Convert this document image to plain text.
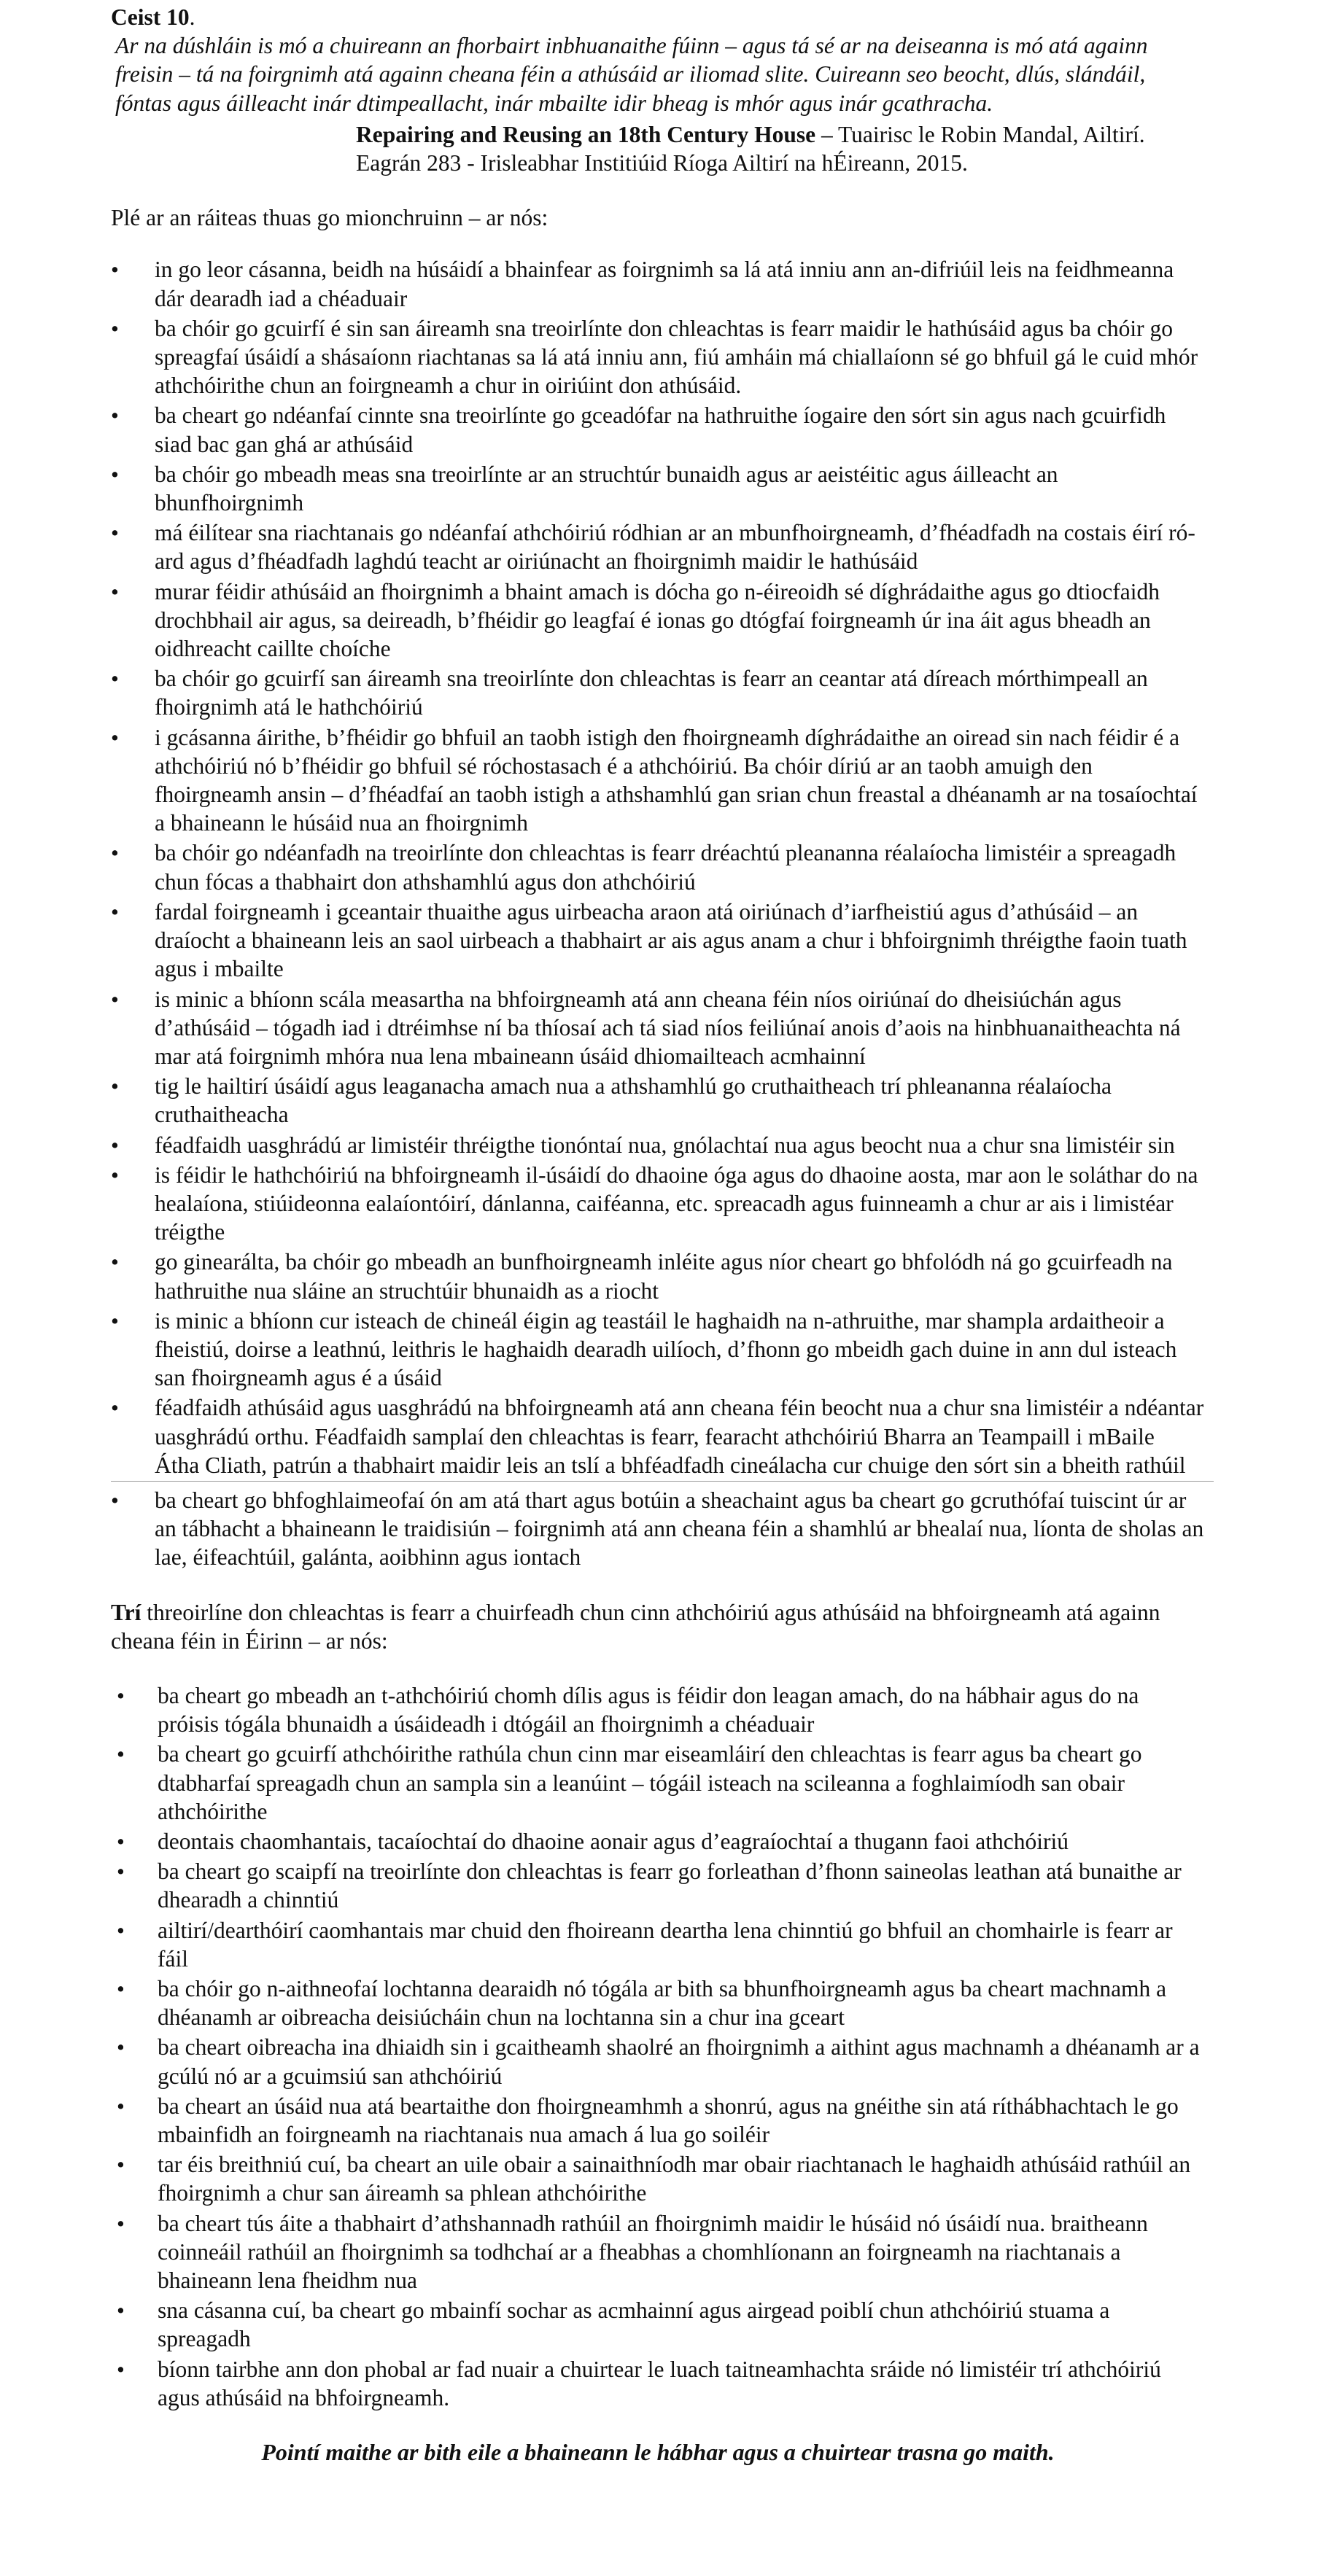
Ceist 10.

Ar na dúshláin is mó a chuireann an fhorbairt inbhuanaithe fúinn – agus tá sé ar na deiseanna is mó atá againn freisin – tá na foirgnimh atá againn cheana féin a athúsáid ar iliomad slite. Cuireann seo beocht, dlús, slándáil, fóntas agus áilleacht inár dtimpeallacht, inár mbailte idir bheag is mhór agus inár gcathracha.

Repairing and Reusing an 18th Century House – Tuairisc le Robin Mandal, Ailtirí.
Eagrán 283 - Irisleabhar Institiúid Ríoga Ailtirí na hÉireann, 2015.
Plé ar an ráiteas thuas go mionchruinn – ar nós:
• in go leor cásanna, beidh na húsáidí a bhainfear as foirgnimh sa lá atá inniu ann an-difriúil leis na feidhmeanna dár dearadh iad a chéaduair
• ba chóir go gcuirfí é sin san áireamh sna treoirlínte don chleachtas is fearr maidir le hathúsáid agus ba chóir go spreagfaí úsáidí a shásaíonn riachtanas sa lá atá inniu ann, fiú amháin má chiallaíonn sé go bhfuil gá le cuid mhór athchóirithe chun an foirgneamh a chur in oiriúint don athúsáid.
• ba cheart go ndéanfaí cinnte sna treoirlínte go gceadófar na hathruithe íogaire den sórt sin agus nach gcuirfidh siad bac gan ghá ar athúsáid
• ba chóir go mbeadh meas sna treoirlínte ar an struchtúr bunaidh agus ar aeistéitic agus áilleacht an bhunfhoirgnimh
• má éilítear sna riachtanais go ndéanfaí athchóiriú ródhian ar an mbunfhoirgneamh, d’fhéadfadh na costais éirí ró-ard agus d’fhéadfadh laghdú teacht ar oiriúnacht an fhoirgnimh maidir le hathúsáid
• murar féidir athúsáid an fhoirgnimh a bhaint amach is dócha go n-éireoidh sé díghrádaithe agus go dtiocfaidh drochbhail air agus, sa deireadh, b’fhéidir go leagfaí é ionas go dtógfaí foirgneamh úr ina áit agus bheadh an oidhreacht caillte choíche
• ba chóir go gcuirfí san áireamh sna treoirlínte don chleachtas is fearr an ceantar atá díreach mórthimpeall an fhoirgnimh atá le hathchóiriú
• i gcásanna áirithe, b’fhéidir go bhfuil an taobh istigh den fhoirgneamh díghrádaithe an oiread sin nach féidir é a athchóiriú nó b’fhéidir go bhfuil sé róchostasach é a athchóiriú. Ba chóir díriú ar an taobh amuigh den fhoirgneamh ansin – d’fhéadfaí an taobh istigh a athshamhlú gan srian chun freastal a dhéanamh ar na tosaíochtaí a bhaineann le húsáid nua an fhoirgnimh
• ba chóir go ndéanfadh na treoirlínte don chleachtas is fearr dréachtú pleananna réalaíocha limistéir a spreagadh chun fócas a thabhairt don athshamhlú agus don athchóiriú
• fardal foirgneamh i gceantair thuaithe agus uirbeacha araon atá oiriúnach d’iarfheistiú agus d’athúsáid – an draíocht a bhaineann leis an saol uirbeach a thabhairt ar ais agus anam a chur i bhfoirgnimh thréigthe faoin tuath agus i mbailte
• is minic a bhíonn scála measartha na bhfoirgneamh atá ann cheana féin níos oiriúnaí do dheisiúchán agus d’athúsáid – tógadh iad i dtréimhse ní ba thíosaí ach tá siad níos feiliúnaí anois d’aois na hinbhuanaitheachta ná mar atá foirgnimh mhóra nua lena mbaineann úsáid dhiomailteach acmhainní
• tig le hailtirí úsáidí agus leaganacha amach nua a athshamhlú go cruthaitheach trí phleananna réalaíocha cruthaitheacha
• féadfaidh uasghrádú ar limistéir thréigthe tionóntaí nua, gnólachtaí nua agus beocht nua a chur sna limistéir sin
• is féidir le hathchóiriú na bhfoirgneamh il-úsáidí do dhaoine óga agus do dhaoine aosta, mar aon le soláthar do na healaíona, stiúideonna ealaíontóirí, dánlanna, caiféanna, etc. spreacadh agus fuinneamh a chur ar ais i limistéar tréigthe
• go ginearálta, ba chóir go mbeadh an bunfhoirgneamh inléite agus níor cheart go bhfolódh ná go gcuirfeadh na hathruithe nua sláine an struchtúir bhunaidh as a riocht
• is minic a bhíonn cur isteach de chineál éigin ag teastáil le haghaidh na n-athruithe, mar shampla ardaitheoir a fheistiú, doirse a leathnú, leithris le haghaidh dearadh uilíoch, d’fhonn go mbeidh gach duine in ann dul isteach san fhoirgneamh agus é a úsáid
• féadfaidh athúsáid agus uasghrádú na bhfoirgneamh atá ann cheana féin beocht nua a chur sna limistéir a ndéantar uasghrádú orthu. Féadfaidh samplaí den chleachtas is fearr, fearacht athchóiriú Bharra an Teampaill i mBaile Átha Cliath, patrún a thabhairt maidir leis an tslí a bhféadfadh cineálacha cur chuige den sórt sin a bheith rathúil
• ba cheart go bhfoghlaimeofaí ón am atá thart agus botúin a sheachaint agus ba cheart go gcruthófaí tuiscint úr ar an tábhacht a bhaineann le traidisiún – foirgnimh atá ann cheana féin a shamhlú ar bhealaí nua, líonta de sholas an lae, éifeachtúil, galánta, aoibhinn agus iontach
Trí threoirlíne don chleachtas is fearr a chuirfeadh chun cinn athchóiriú agus athúsáid na bhfoirgneamh atá againn cheana féin in Éirinn – ar nós:
• ba cheart go mbeadh an t-athchóiriú chomh dílis agus is féidir don leagan amach, do na hábhair agus do na próisis tógála bhunaidh a úsáideadh i dtógáil an fhoirgnimh a chéaduair
• ba cheart go gcuirfí athchóirithe rathúla chun cinn mar eiseamláirí den chleachtas is fearr agus ba cheart go dtabharfaí spreagadh chun an sampla sin a leanúint – tógáil isteach na scileanna a foghlaimíodh san obair athchóirithe
• deontais chaomhantais, tacaíochtaí do dhaoine aonair agus d’eagraíochtaí a thugann faoi athchóiriú
• ba cheart go scaipfí na treoirlínte don chleachtas is fearr go forleathan d’fhonn saineolas leathan atá bunaithe ar dhearadh a chinntiú
• ailtirí/dearthóirí caomhantais mar chuid den fhoireann deartha lena chinntiú go bhfuil an chomhairle is fearr ar fáil
• ba chóir go n-aithneofaí lochtanna dearaidh nó tógála ar bith sa bhunfhoirgneamh agus ba cheart machnamh a dhéanamh ar oibreacha deisiúcháin chun na lochtanna sin a chur ina gceart
• ba cheart oibreacha ina dhiaidh sin i gcaitheamh shaolré an fhoirgnimh a aithint agus machnamh a dhéanamh ar a gcúlú nó ar a gcuimsiú san athchóiriú
• ba cheart an úsáid nua atá beartaithe don fhoirgneamhmh a shonrú, agus na gnéithe sin atá ríthábhachtach le go mbainfidh an foirgneamh na riachtanais nua amach á lua go soiléir
• tar éis breithniú cuí, ba cheart an uile obair a sainaithníodh mar obair riachtanach le haghaidh athúsáid rathúil an fhoirgnimh a chur san áireamh sa phlean athchóirithe
• ba cheart tús áite a thabhairt d’athshannadh rathúil an fhoirgnimh maidir le húsáid nó úsáidí nua. braitheann coinneáil rathúil an fhoirgnimh sa todhchaí ar a fheabhas a chomhlíonann an foirgneamh na riachtanais a bhaineann lena fheidhm nua
• sna cásanna cuí, ba cheart go mbainfí sochar as acmhainní agus airgead poiblí chun athchóiriú stuama a spreagadh
• bíonn tairbhe ann don phobal ar fad nuair a chuirtear le luach taitneamhachta sráide nó limistéir trí athchóiriú agus athúsáid na bhfoirgneamh.
Pointí maithe ar bith eile a bhaineann le hábhar agus a chuirtear trasna go maith.
